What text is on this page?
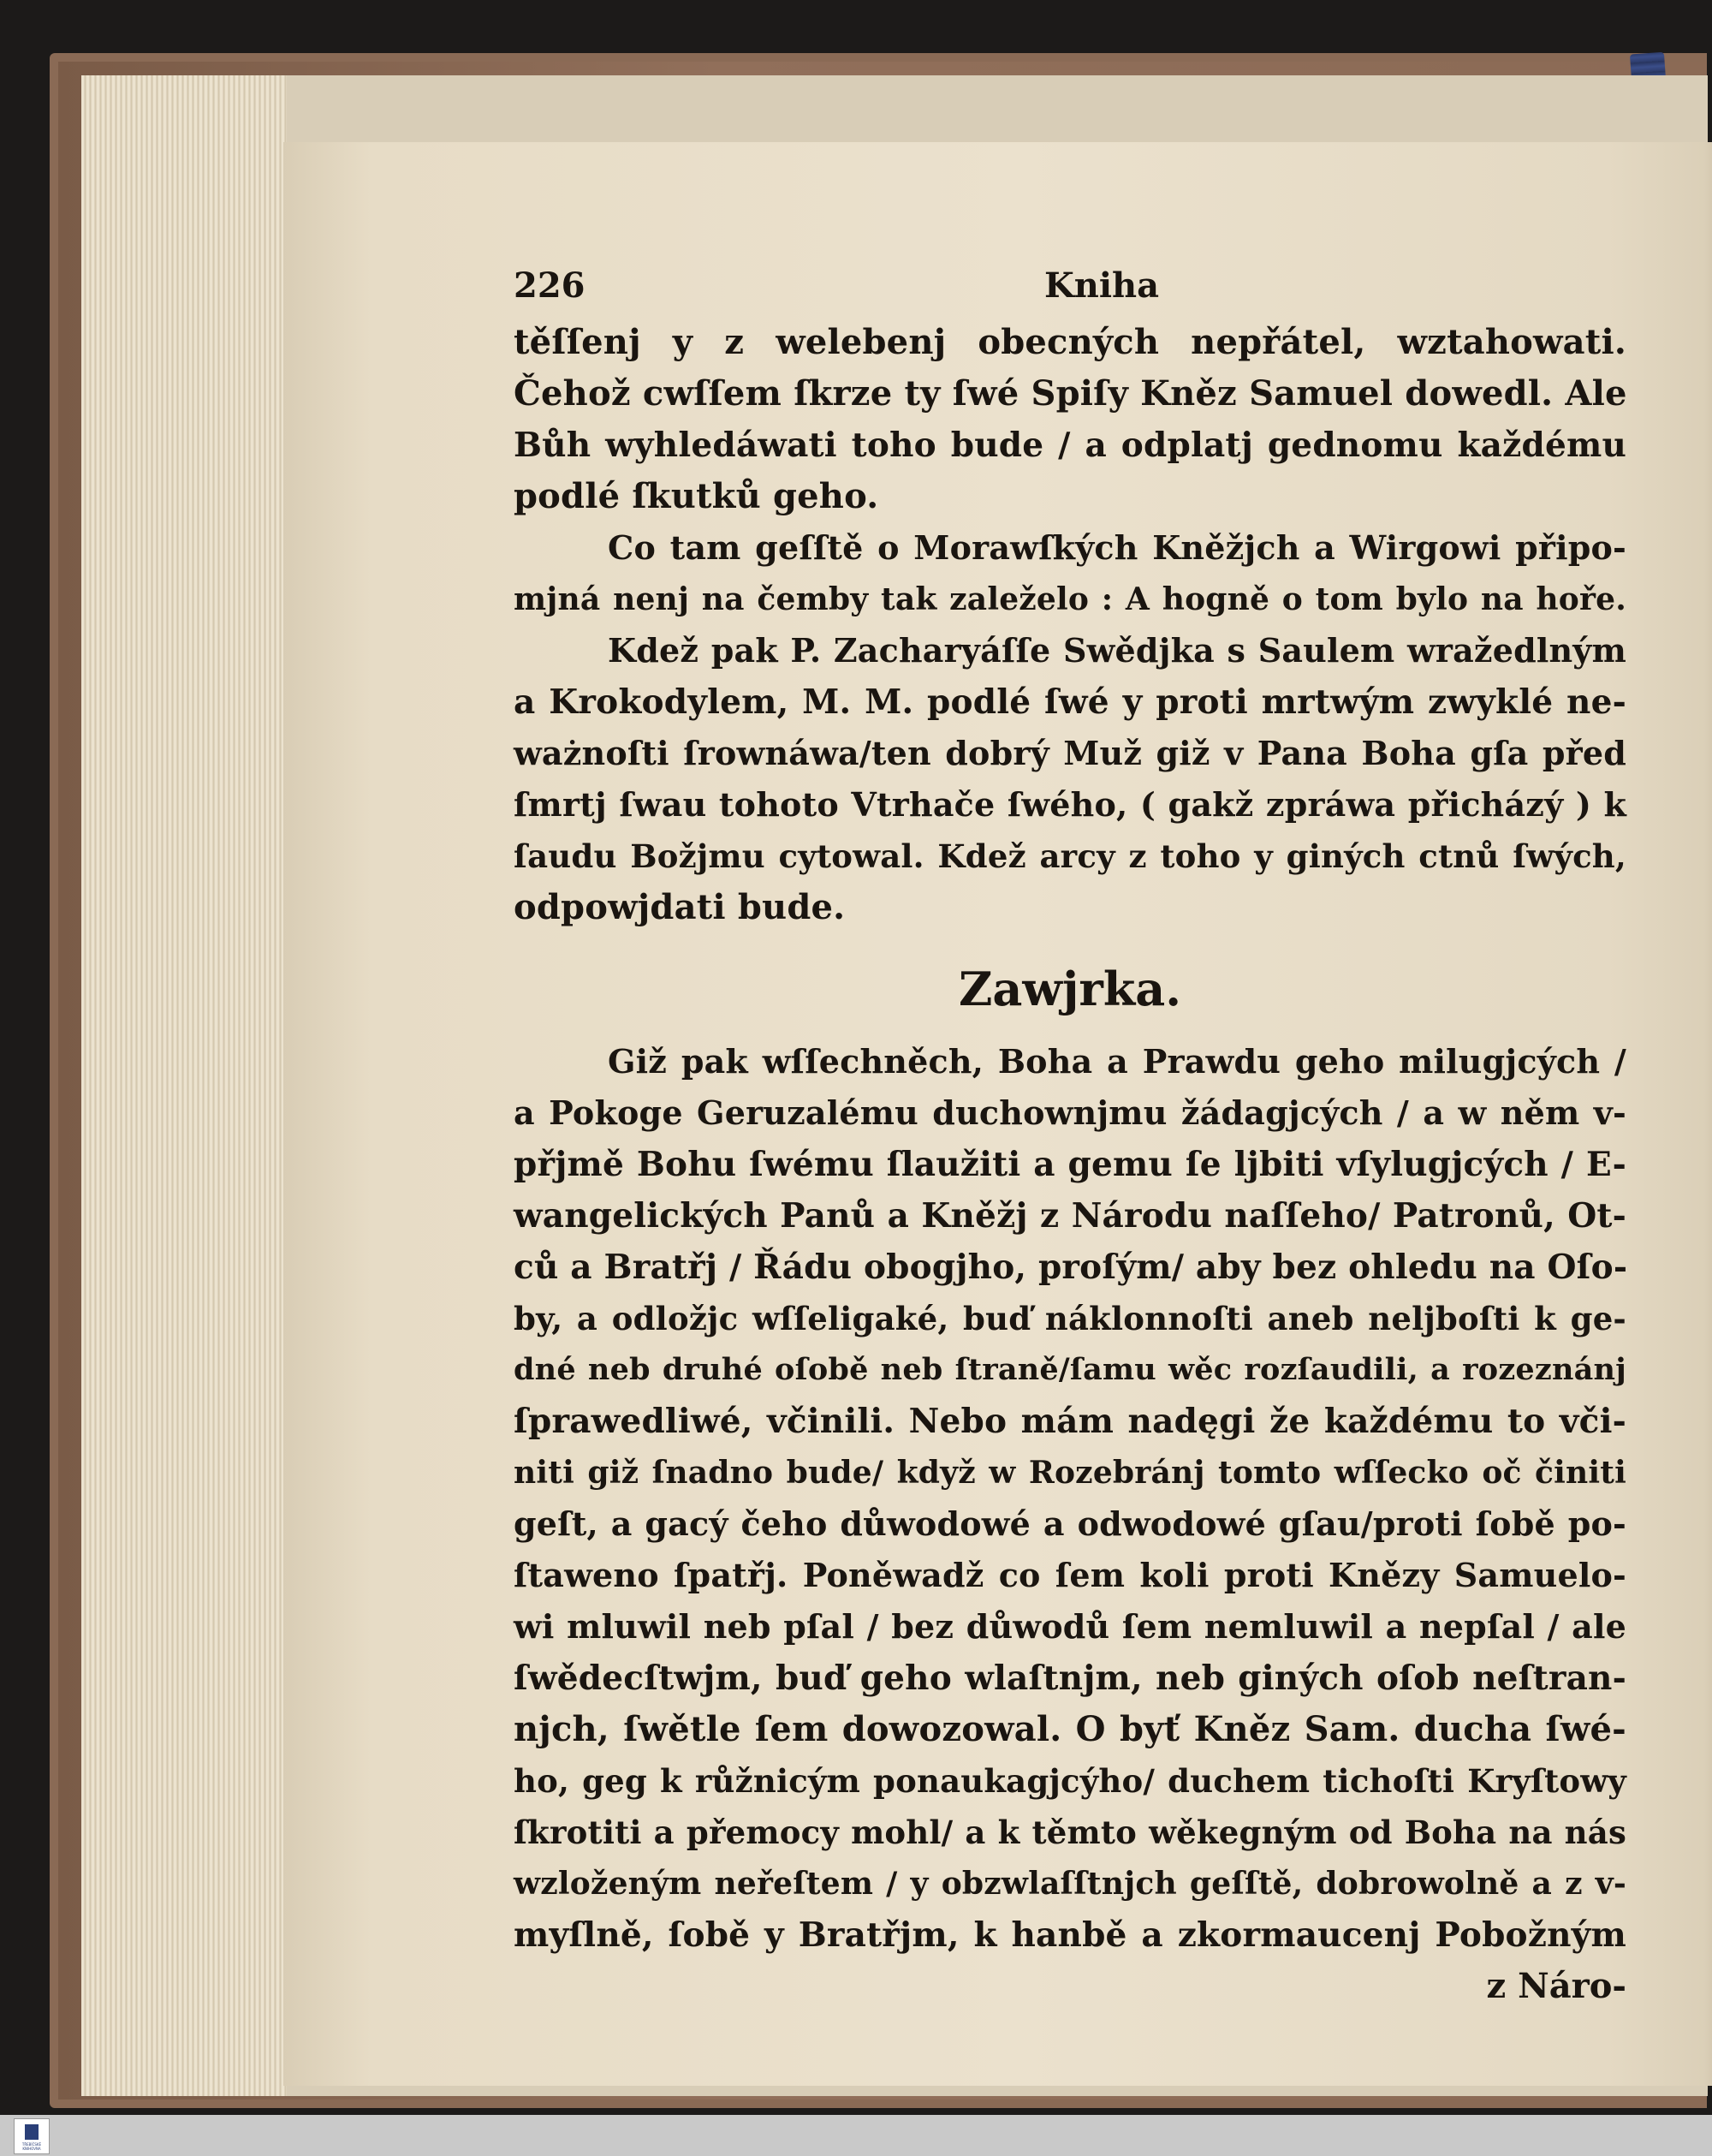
226	Kniha
těſſenj y z welebenj obecných nepřátel, wztahowati.
Čehož cwſſem ſkrze ty ſwé Spiſy Kněz Samuel dowedl. Ale
Bůh wyhledáwati toho bude / a odplatj gednomu každému
podlé ſkutků geho.
Co tam geſſtě o Morawſkých Kněžjch a Wirgowi připo-
mjná nenj na čemby tak zaleželo : A hogně o tom bylo na hoře.
Kdež pak P. Zacharyáſſe Swědjka s Saulem wražedlným
a Krokodylem, M. M. podlé ſwé y proti mrtwým zwyklé ne-
ważnoſti ſrownáwa/ten dobrý Muž giž v Pana Boha gſa před
ſmrtj ſwau tohoto Vtrhače ſwého, ( gakž zpráwa přicházý ) k
ſaudu Božjmu cytowal. Kdež arcy z toho y giných ctnů ſwých,
odpowjdati bude.
Zawjrka.
Giž pak wſſechněch, Boha a Prawdu geho milugjcých /
a Pokoge Geruzalému duchownjmu žádagjcých / a w něm v-
přjmě Bohu ſwému ſlaužiti a gemu ſe ljbiti vſylugjcých / E-
wangelických Panů a Kněžj z Národu naſſeho/ Patronů, Ot-
ců a Bratřj / Řádu obogjho, proſým/ aby bez ohledu na Oſo-
by, a odložjc wſſeligaké, buď náklonnoſti aneb neljboſti k ge-
dné neb druhé oſobě neb ſtraně/ſamu wěc rozſaudili, a rozeznánj
ſprawedliwé, včinili. Nebo mám nadęgi že každému to vči-
niti giž ſnadno bude/ když w Rozebránj tomto wſſecko oč činiti
geſt, a gacý čeho důwodowé a odwodowé gſau/proti ſobě po-
ſtaweno ſpatřj. Poněwadž co ſem koli proti Knězy Samuelo-
wi mluwil neb pſal / bez důwodů ſem nemluwil a nepſal / ale
ſwědecſtwjm, buď geho wlaſtnjm, neb giných oſob neſtran-
njch, ſwětle ſem dowozowal. O byť Kněz Sam. ducha ſwé-
ho, geg k růžnicým ponaukagjcýho/ duchem tichoſti Kryſtowy
ſkrotiti a přemocy mohl/ a k těmto wěkegným od Boha na nás
wzloženým neřeſtem / y obzwlaſſtnjch geſſtě, dobrowolně a z v-
myſlně, ſobě y Bratřjm, k hanbě a zkormaucenj Pobožným
z Náro-
TŘEBÍČSKÉ KNIHOVNA
